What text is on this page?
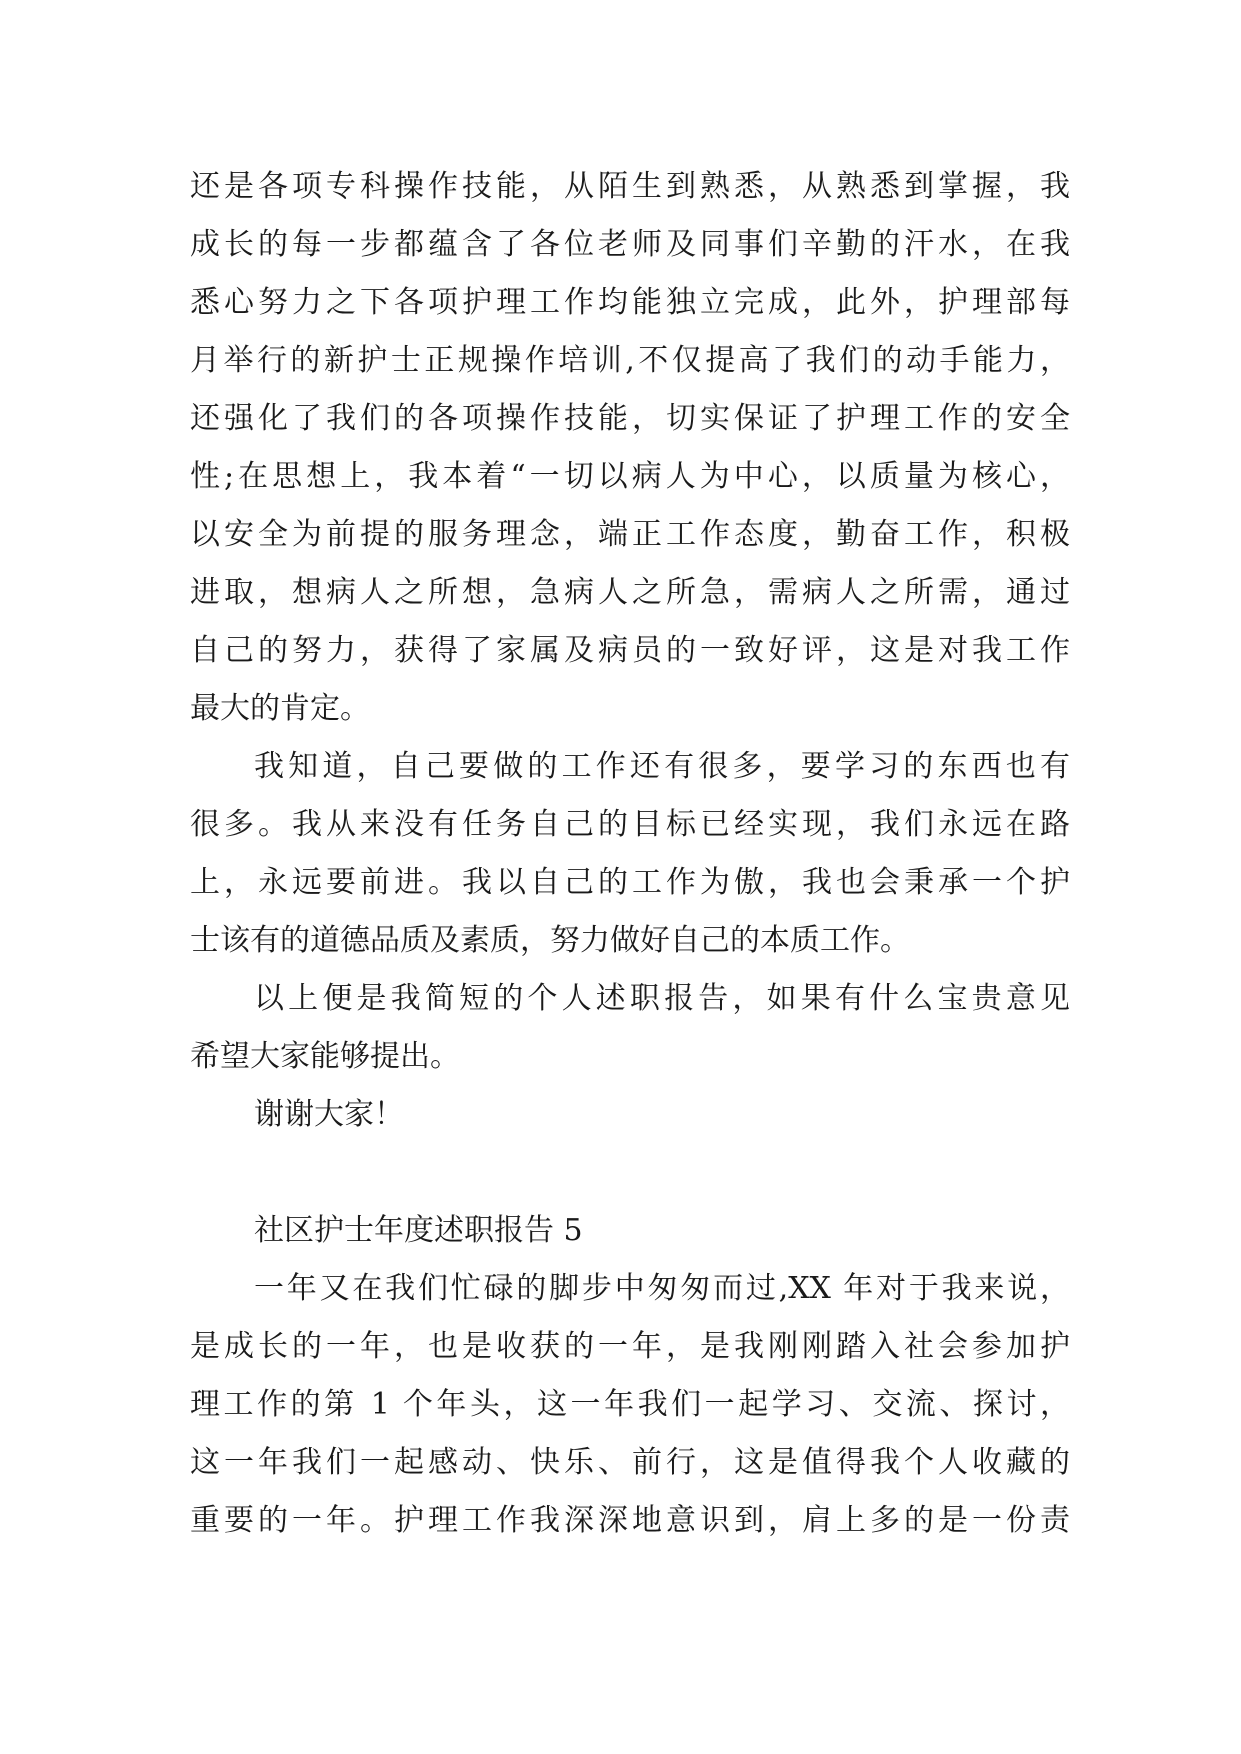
还是各项专科操作技能，从陌生到熟悉，从熟悉到掌握，我
成长的每一步都蕴含了各位老师及同事们辛勤的汗水，在我
悉心努力之下各项护理工作均能独立完成，此外，护理部每
月举行的新护士正规操作培训,不仅提高了我们的动手能力，
还强化了我们的各项操作技能，切实保证了护理工作的安全
性;在思想上，我本着“一切以病人为中心，以质量为核心，
以安全为前提的服务理念，端正工作态度，勤奋工作，积极
进取，想病人之所想，急病人之所急，需病人之所需，通过
自己的努力，获得了家属及病员的一致好评，这是对我工作
最大的肯定。
我知道，自己要做的工作还有很多，要学习的东西也有
很多。我从来没有任务自己的目标已经实现，我们永远在路
上，永远要前进。我以自己的工作为傲，我也会秉承一个护
士该有的道德品质及素质，努力做好自己的本质工作。
以上便是我简短的个人述职报告，如果有什么宝贵意见
希望大家能够提出。
谢谢大家！
社区护士年度述职报告 5
一年又在我们忙碌的脚步中匆匆而过,XX 年对于我来说，
是成长的一年，也是收获的一年，是我刚刚踏入社会参加护
理工作的第 1 个年头，这一年我们一起学习、交流、探讨，
这一年我们一起感动、快乐、前行，这是值得我个人收藏的
重要的一年。护理工作我深深地意识到，肩上多的是一份责
